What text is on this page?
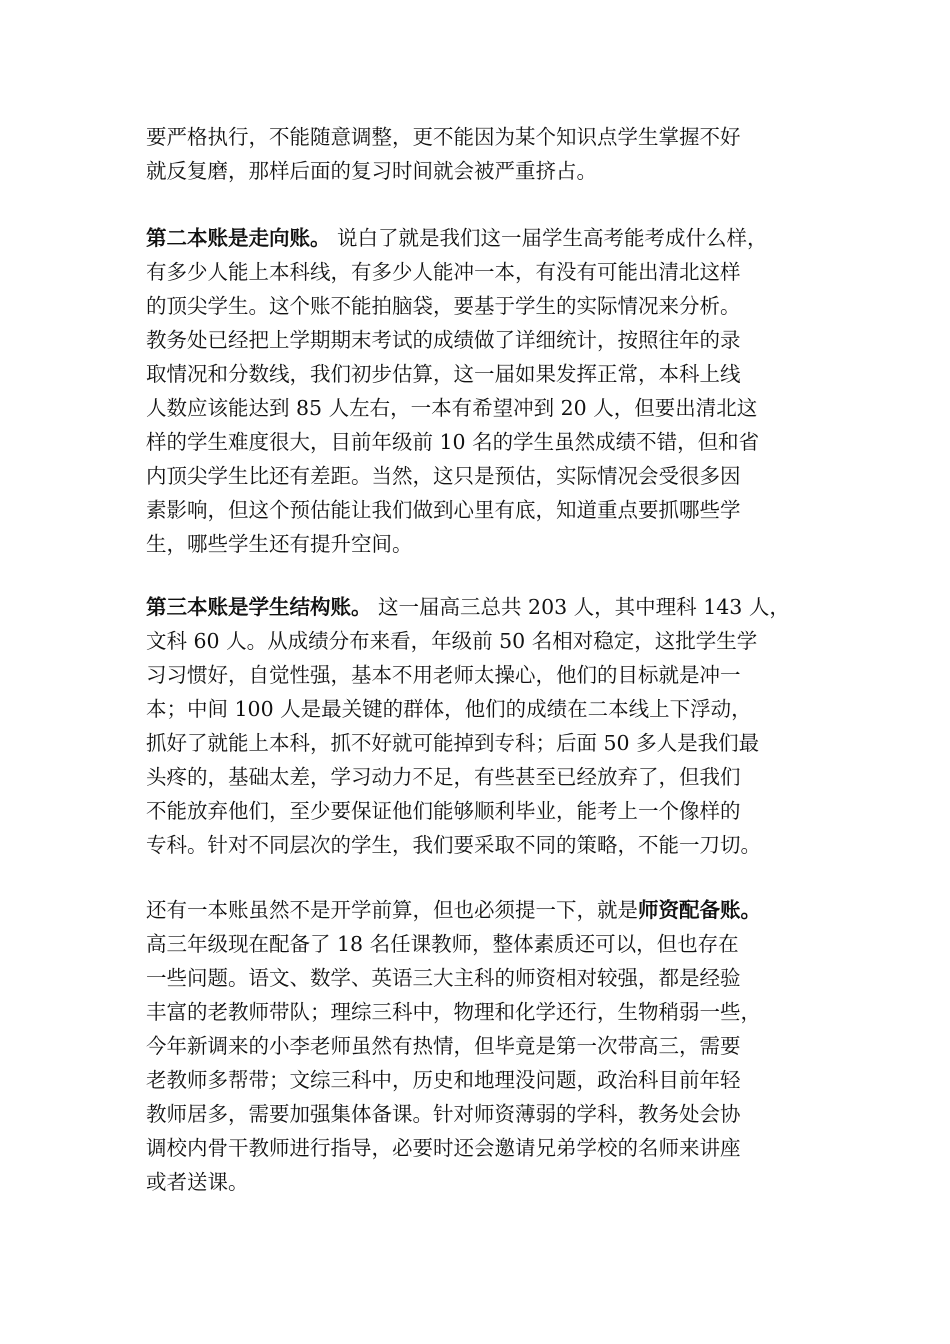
要严格执行，不能随意调整，更不能因为某个知识点学生掌握不好
就反复磨，那样后面的复习时间就会被严重挤占。
第二本账是走向账。 说白了就是我们这一届学生高考能考成什么样，
有多少人能上本科线，有多少人能冲一本，有没有可能出清北这样
的顶尖学生。这个账不能拍脑袋，要基于学生的实际情况来分析。
教务处已经把上学期期末考试的成绩做了详细统计，按照往年的录
取情况和分数线，我们初步估算，这一届如果发挥正常，本科上线
人数应该能达到 85 人左右，一本有希望冲到 20 人，但要出清北这
样的学生难度很大，目前年级前 10 名的学生虽然成绩不错，但和省
内顶尖学生比还有差距。当然，这只是预估，实际情况会受很多因
素影响，但这个预估能让我们做到心里有底，知道重点要抓哪些学
生，哪些学生还有提升空间。
第三本账是学生结构账。 这一届高三总共 203 人，其中理科 143 人，
文科 60 人。从成绩分布来看，年级前 50 名相对稳定，这批学生学
习习惯好，自觉性强，基本不用老师太操心，他们的目标就是冲一
本；中间 100 人是最关键的群体，他们的成绩在二本线上下浮动，
抓好了就能上本科，抓不好就可能掉到专科；后面 50 多人是我们最
头疼的，基础太差，学习动力不足，有些甚至已经放弃了，但我们
不能放弃他们，至少要保证他们能够顺利毕业，能考上一个像样的
专科。针对不同层次的学生，我们要采取不同的策略，不能一刀切。
还有一本账虽然不是开学前算，但也必须提一下，就是师资配备账。
高三年级现在配备了 18 名任课教师，整体素质还可以，但也存在
一些问题。语文、数学、英语三大主科的师资相对较强，都是经验
丰富的老教师带队；理综三科中，物理和化学还行，生物稍弱一些，
今年新调来的小李老师虽然有热情，但毕竟是第一次带高三，需要
老教师多帮带；文综三科中，历史和地理没问题，政治科目前年轻
教师居多，需要加强集体备课。针对师资薄弱的学科，教务处会协
调校内骨干教师进行指导，必要时还会邀请兄弟学校的名师来讲座
或者送课。
